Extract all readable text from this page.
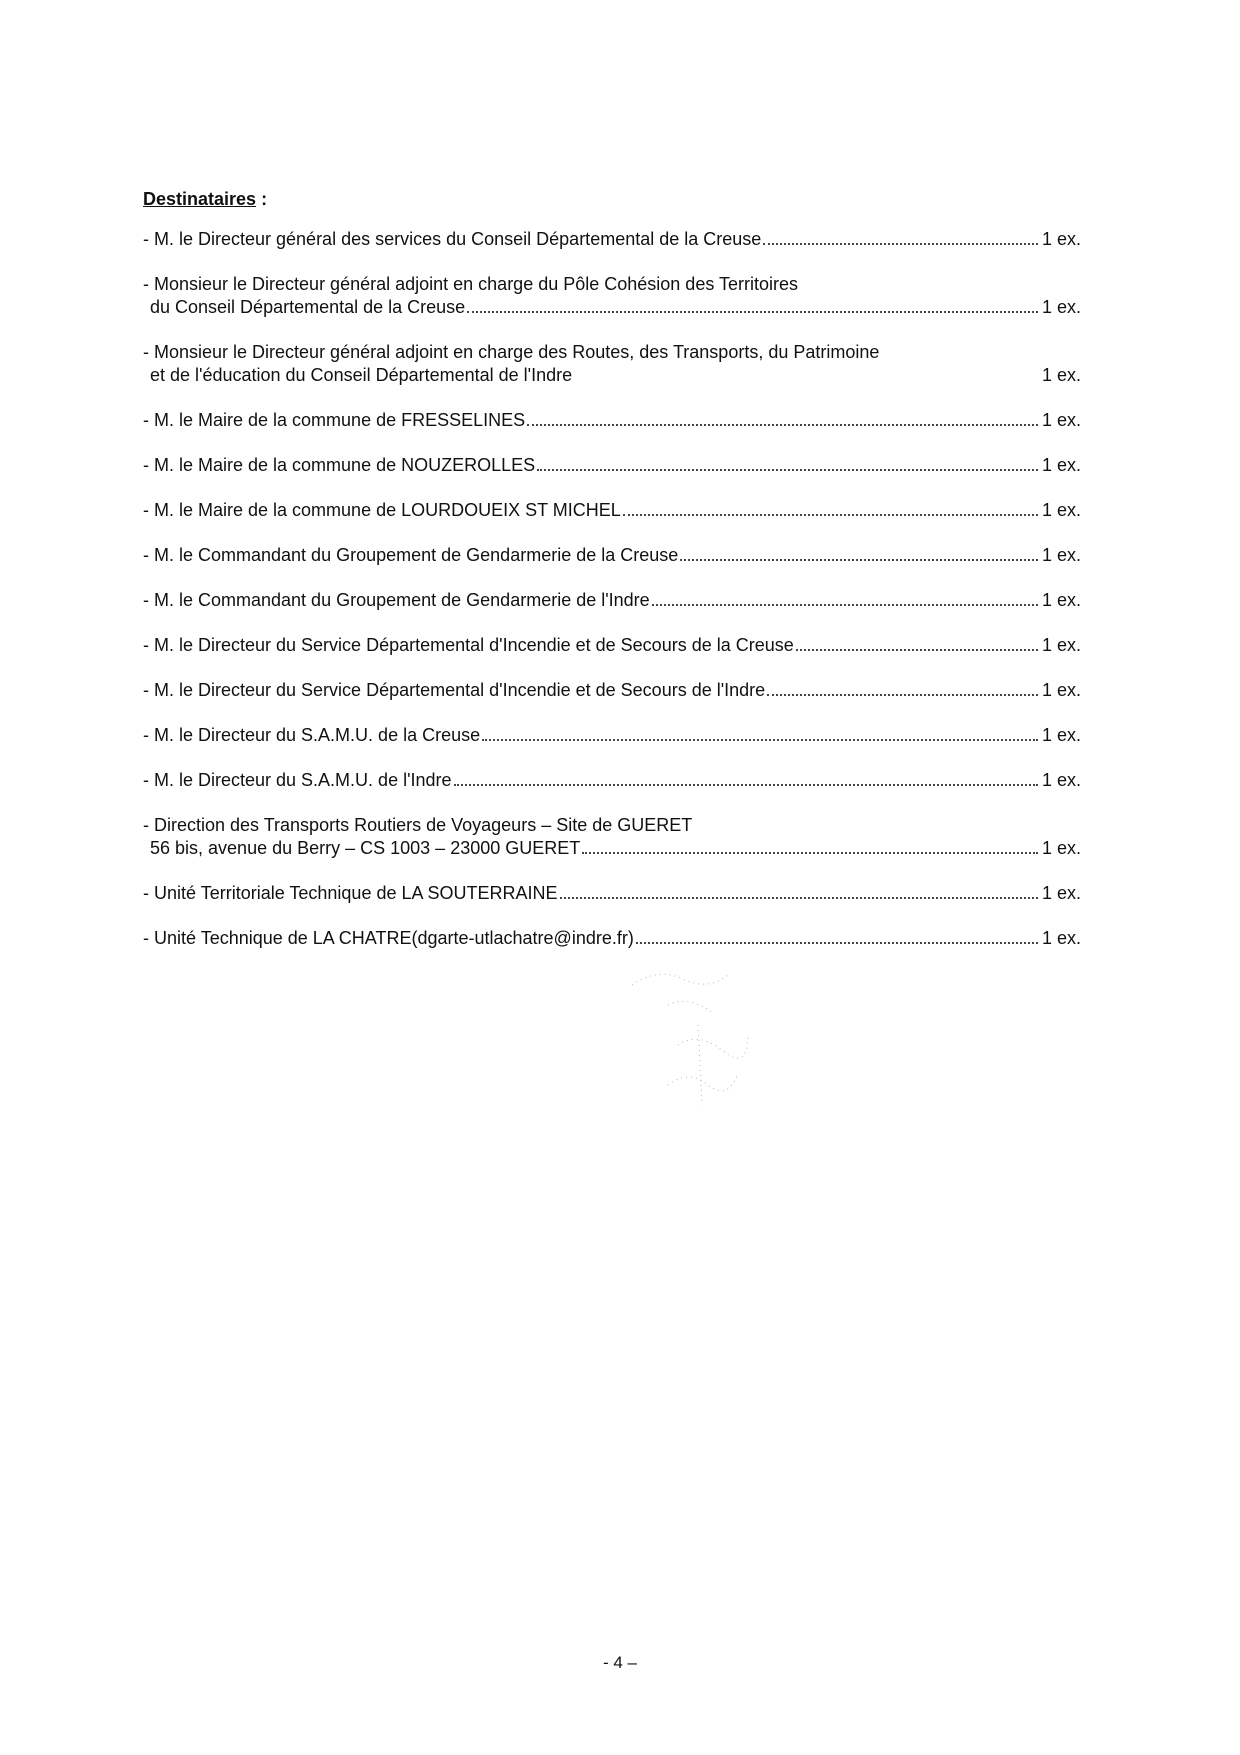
Destinataires :
- M. le Directeur général des services du Conseil Départemental de la Creuse	1 ex.
- Monsieur le Directeur général adjoint en charge du Pôle Cohésion des Territoires
du Conseil Départemental de la Creuse	1 ex.
- Monsieur le Directeur général adjoint en charge des Routes, des Transports, du Patrimoine
et de l'éducation du Conseil Départemental de l'Indre	1 ex.
- M. le Maire de la commune de FRESSELINES	1 ex.
- M. le Maire de la commune de NOUZEROLLES	1 ex.
- M. le Maire de la commune de LOURDOUEIX ST MICHEL	1 ex.
- M. le Commandant du Groupement de Gendarmerie de la Creuse	1 ex.
- M. le Commandant du Groupement de Gendarmerie de l'Indre	1 ex.
- M. le Directeur du Service Départemental d'Incendie et de Secours de la Creuse	1 ex.
- M. le Directeur du Service Départemental d'Incendie et de Secours de l'Indre	1 ex.
- M. le Directeur du S.A.M.U. de la Creuse	1 ex.
- M. le Directeur du S.A.M.U. de l'Indre	1 ex.
- Direction des Transports Routiers de Voyageurs – Site de GUERET
56 bis, avenue du Berry – CS 1003 – 23000 GUERET	1 ex.
- Unité Territoriale Technique de LA SOUTERRAINE	1 ex.
- Unité Technique de LA CHATRE(dgarte-utlachatre@indre.fr)	1 ex.
- 4 –
